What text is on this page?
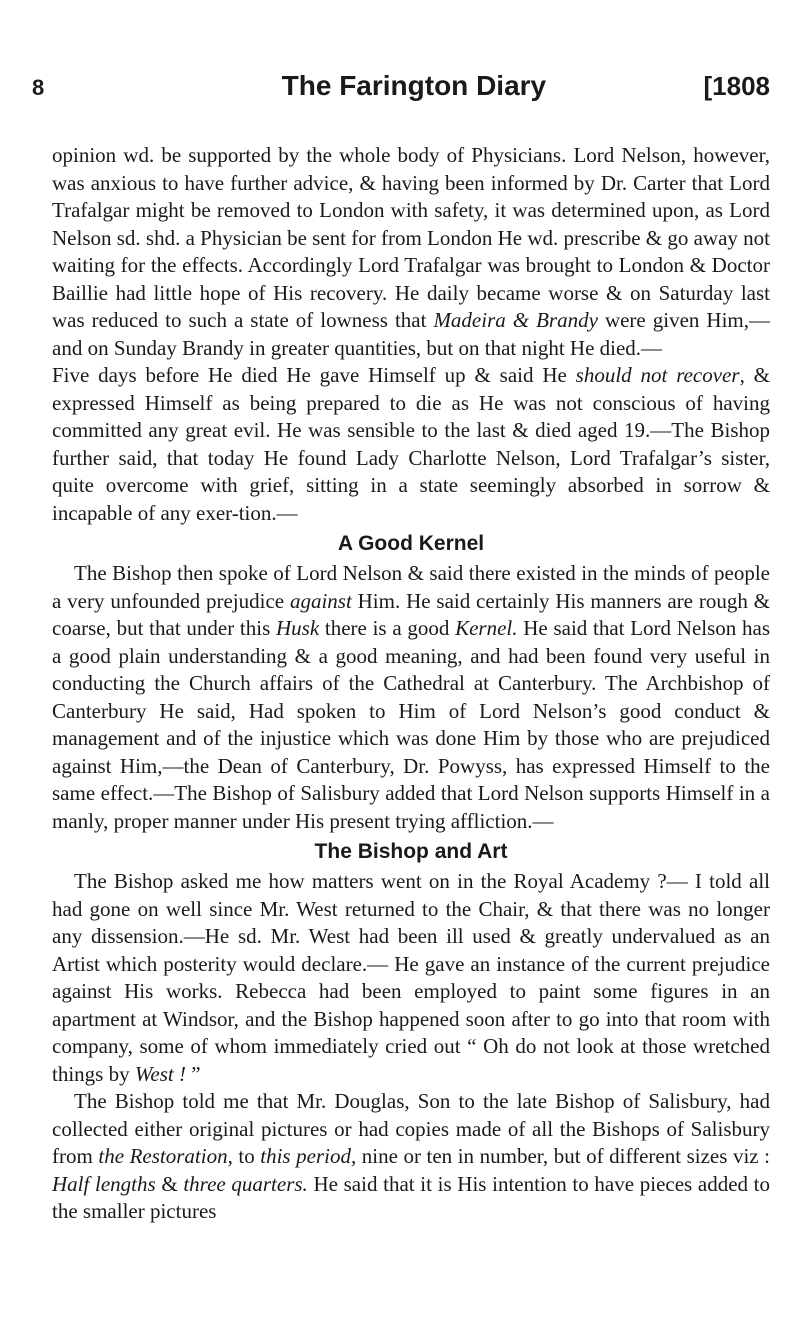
8	The Farington Diary	[1808

opinion wd. be supported by the whole body of Physicians. Lord Nelson, however, was anxious to have further advice, & having been informed by Dr. Carter that Lord Trafalgar might be removed to London with safety, it was determined upon, as Lord Nelson sd. shd. a Physician be sent for from London He wd. prescribe & go away not waiting for the effects. Accordingly Lord Trafalgar was brought to London & Doctor Baillie had little hope of His recovery. He daily became worse & on Saturday last was reduced to such a state of lowness that Madeira & Brandy were given Him,—and on Sunday Brandy in greater quantities, but on that night He died.—

Five days before He died He gave Himself up & said He should not recover, & expressed Himself as being prepared to die as He was not conscious of having committed any great evil. He was sensible to the last & died aged 19.—The Bishop further said, that today He found Lady Charlotte Nelson, Lord Trafalgar’s sister, quite overcome with grief, sitting in a state seemingly absorbed in sorrow & incapable of any exer-tion.—

A Good Kernel

The Bishop then spoke of Lord Nelson & said there existed in the minds of people a very unfounded prejudice against Him. He said certainly His manners are rough & coarse, but that under this Husk there is a good Kernel. He said that Lord Nelson has a good plain understanding & a good meaning, and had been found very useful in conducting the Church affairs of the Cathedral at Canterbury. The Archbishop of Canterbury He said, Had spoken to Him of Lord Nelson’s good conduct & management and of the injustice which was done Him by those who are prejudiced against Him,—the Dean of Canterbury, Dr. Powyss, has expressed Himself to the same effect.—The Bishop of Salisbury added that Lord Nelson supports Himself in a manly, proper manner under His present trying affliction.—

The Bishop and Art

The Bishop asked me how matters went on in the Royal Academy ?— I told all had gone on well since Mr. West returned to the Chair, & that there was no longer any dissension.—He sd. Mr. West had been ill used & greatly undervalued as an Artist which posterity would declare.— He gave an instance of the current prejudice against His works. Rebecca had been employed to paint some figures in an apartment at Windsor, and the Bishop happened soon after to go into that room with company, some of whom immediately cried out “ Oh do not look at those wretched things by West ! ”

The Bishop told me that Mr. Douglas, Son to the late Bishop of Salisbury, had collected either original pictures or had copies made of all the Bishops of Salisbury from the Restoration, to this period, nine or ten in number, but of different sizes viz : Half lengths & three quarters. He said that it is His intention to have pieces added to the smaller pictures
